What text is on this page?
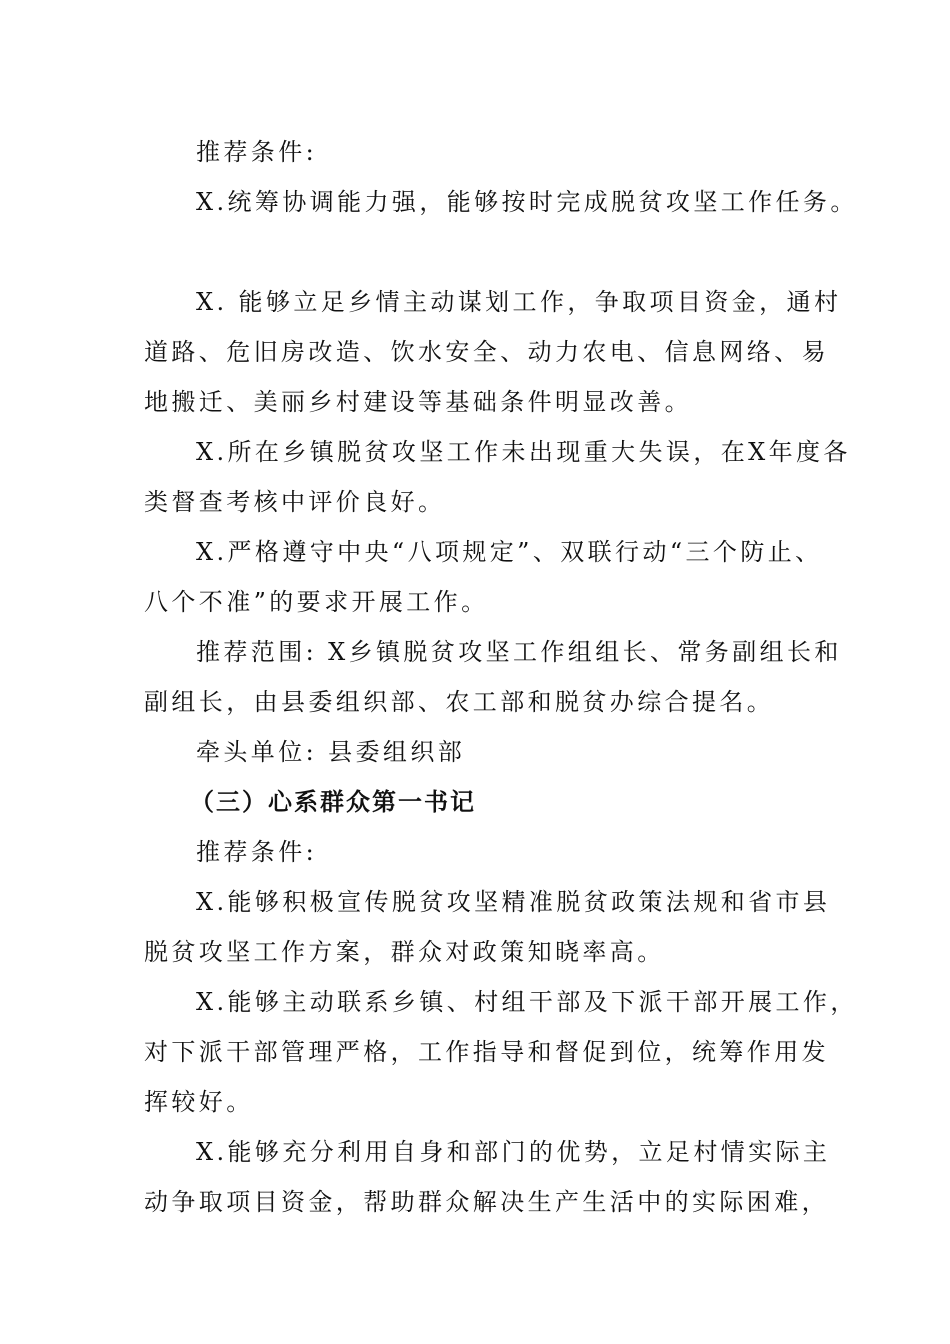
推荐条件:

X.统筹协调能力强，能够按时完成脱贫攻坚工作任务。

X. 能够立足乡情主动谋划工作，争取项目资金，通村

道路、危旧房改造、饮水安全、动力农电、信息网络、易

地搬迁、美丽乡村建设等基础条件明显改善。

X.所在乡镇脱贫攻坚工作未出现重大失误，在X年度各

类督查考核中评价良好。

X.严格遵守中央“八项规定”、双联行动“三个防止、

八个不准”的要求开展工作。

推荐范围: X乡镇脱贫攻坚工作组组长、常务副组长和

副组长，由县委组织部、农工部和脱贫办综合提名。

牵头单位: 县委组织部

（三）心系群众第一书记

推荐条件:

X.能够积极宣传脱贫攻坚精准脱贫政策法规和省市县

脱贫攻坚工作方案，群众对政策知晓率高。

X.能够主动联系乡镇、村组干部及下派干部开展工作，

对下派干部管理严格，工作指导和督促到位，统筹作用发

挥较好。

X.能够充分利用自身和部门的优势，立足村情实际主

动争取项目资金，帮助群众解决生产生活中的实际困难，
